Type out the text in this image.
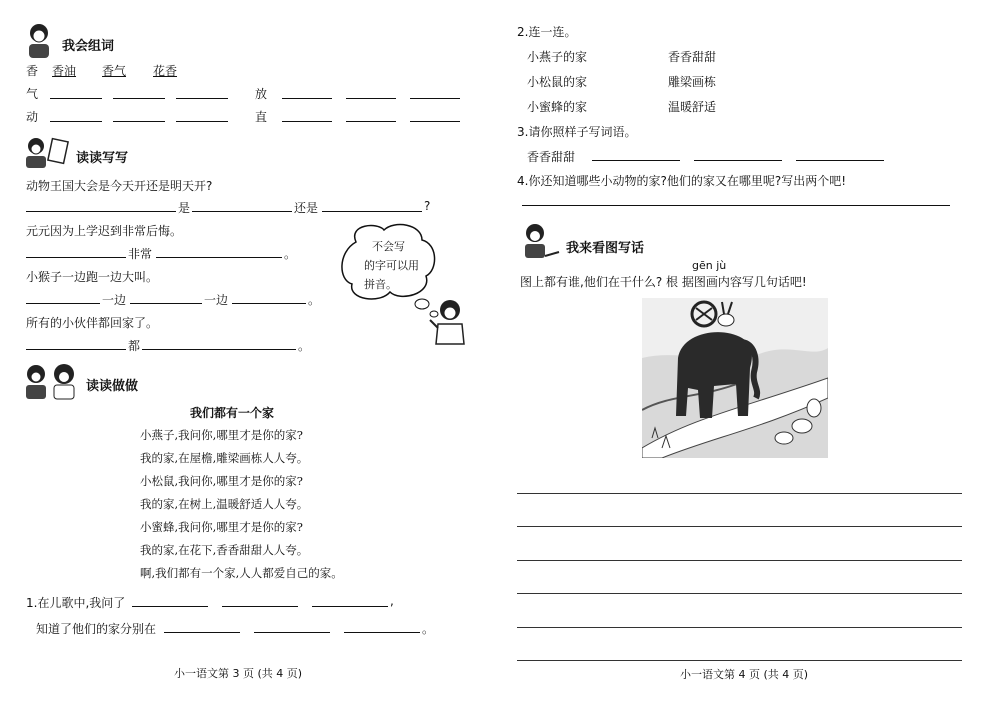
我会组词
香 香油 香气 花香
气	放
动	直
读读写写
动物王国大会是今天开还是明天开?
是	还是	?
元元因为上学迟到非常后悔。
非常	。
小猴子一边跑一边大叫。
一边	一边	。
所有的小伙伴都回家了。
都	。
不会写
的字可以用
拼音。
读读做做
我们都有一个家
小燕子,我问你,哪里才是你的家?
我的家,在屋檐,雕梁画栋人人夸。
小松鼠,我问你,哪里才是你的家?
我的家,在树上,温暖舒适人人夸。
小蜜蜂,我问你,哪里才是你的家?
我的家,在花下,香香甜甜人人夸。
啊,我们都有一个家,人人都爱自己的家。
1.在儿歌中,我问了	,
知道了他们的家分别在	。
小一语文第 3 页 (共 4 页)
2.连一连。
小燕子的家
小松鼠的家
小蜜蜂的家
香香甜甜
雕梁画栋
温暖舒适
3.请你照样子写词语。
香香甜甜
4.你还知道哪些小动物的家?他们的家又在哪里呢?写出两个吧!
我来看图写话
gēn jù
图上都有谁,他们在干什么? 根 据图画内容写几句话吧!
小一语文第 4 页 (共 4 页)
